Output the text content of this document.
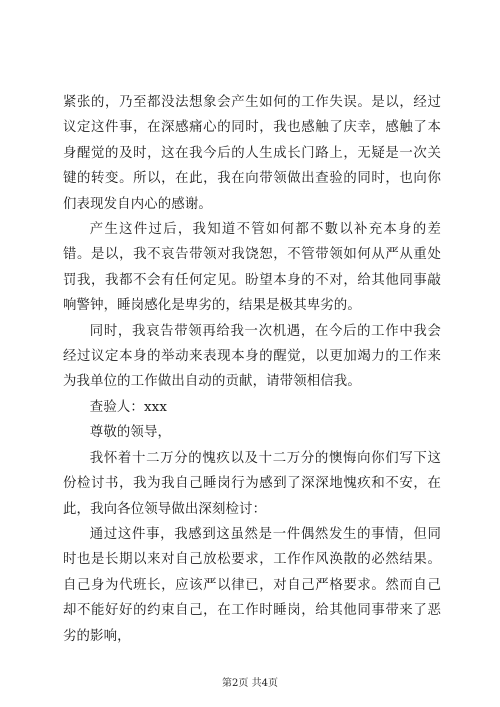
紧张的，乃至都没法想象会产生如何的工作失误。是以，经过议定这件事，在深感痛心的同时，我也感触了庆幸，感触了本身醒觉的及时，这在我今后的人生成长门路上，无疑是一次关键的转变。所以，在此，我在向带领做出查验的同时，也向你们表现发自内心的感谢。

产生这件过后，我知道不管如何都不數以补充本身的差错。是以，我不哀告带领对我饶恕，不管带领如何从严从重处罚我，我都不会有任何定见。盼望本身的不对，给其他同事敲响警钟，睡岗感化是卑劣的，结果是极其卑劣的。

同时，我哀告带领再给我一次机遇，在今后的工作中我会经过议定本身的举动来表现本身的醒觉，以更加竭力的工作来为我单位的工作做出自动的贡献，请带领相信我。

查验人：xxx

尊敬的领导，

我怀着十二万分的愧疚以及十二万分的懊悔向你们写下这份检讨书，我为我自己睡岗行为感到了深深地愧疚和不安，在此，我向各位领导做出深刻检讨：

通过这件事，我感到这虽然是一件偶然发生的事情，但同时也是长期以来对自己放松要求，工作作风涣散的必然结果。自己身为代班长，应该严以律已，对自己严格要求。然而自己却不能好好的约束自己，在工作时睡岗，给其他同事带来了恶劣的影响，

第2页 共4页
